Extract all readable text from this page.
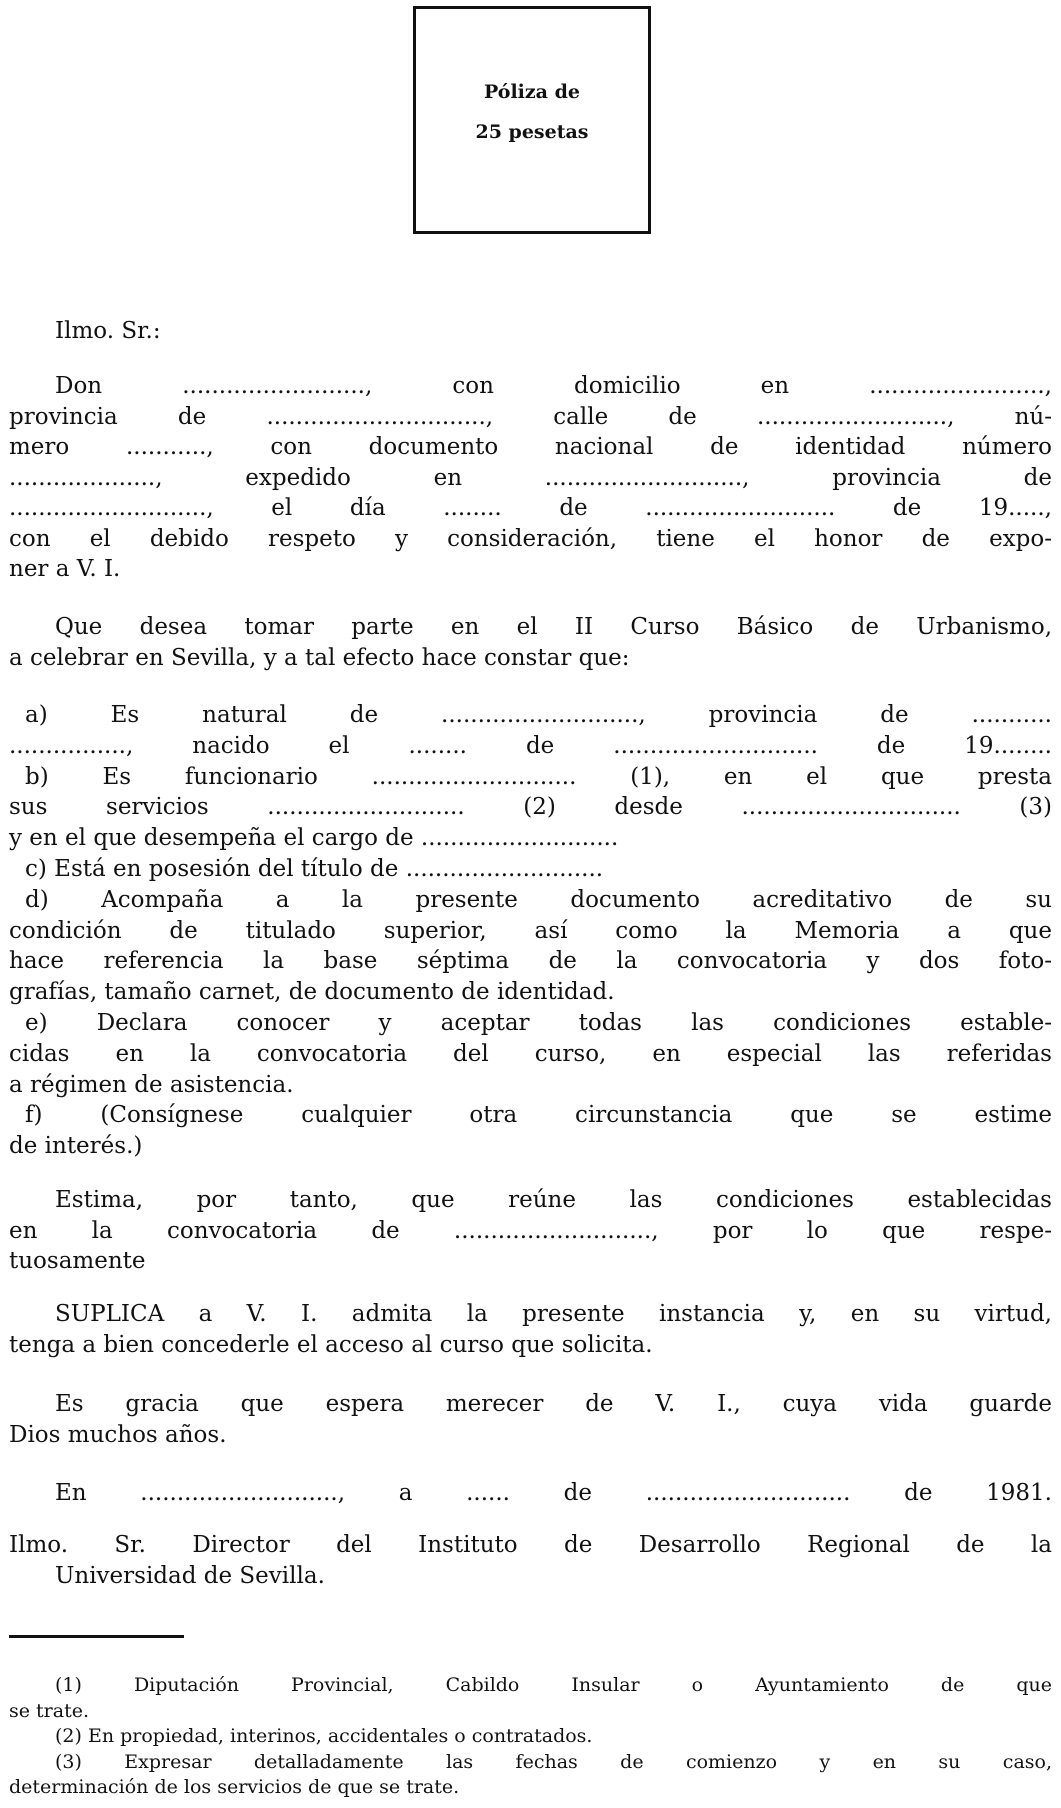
Póliza de
25 pesetas
Ilmo. Sr.:
Don ........................., con domicilio en ........................,
provincia de .............................., calle de .........................., nú-
mero ..........., con documento nacional de identidad número
...................., expedido en ..........................., provincia de
..........................., el día ........ de .......................... de 19.....,
con el debido respeto y consideración, tiene el honor de expo-
ner a V. I.
Que desea tomar parte en el II Curso Básico de Urbanismo,
a celebrar en Sevilla, y a tal efecto hace constar que:
a) Es natural de ..........................., provincia de ...........
................, nacido el ........ de ............................ de 19........
b) Es funcionario ............................ (1), en el que presta
sus servicios ........................... (2) desde .............................. (3)
y en el que desempeña el cargo de ...........................
c) Está en posesión del título de ...........................
d) Acompaña a la presente documento acreditativo de su
condición de titulado superior, así como la Memoria a que
hace referencia la base séptima de la convocatoria y dos foto-
grafías, tamaño carnet, de documento de identidad.
e) Declara conocer y aceptar todas las condiciones estable-
cidas en la convocatoria del curso, en especial las referidas
a régimen de asistencia.
f) (Consígnese cualquier otra circunstancia que se estime
de interés.)
Estima, por tanto, que reúne las condiciones establecidas
en la convocatoria de ..........................., por lo que respe-
tuosamente
SUPLICA a V. I. admita la presente instancia y, en su virtud,
tenga a bien concederle el acceso al curso que solicita.
Es gracia que espera merecer de V. I., cuya vida guarde
Dios muchos años.
En ..........................., a ...... de ............................ de 1981.
Ilmo. Sr. Director del Instituto de Desarrollo Regional de la
Universidad de Sevilla.
(1) Diputación Provincial, Cabildo Insular o Ayuntamiento de que
se trate.
(2) En propiedad, interinos, accidentales o contratados.
(3) Expresar detalladamente las fechas de comienzo y en su caso,
determinación de los servicios de que se trate.
